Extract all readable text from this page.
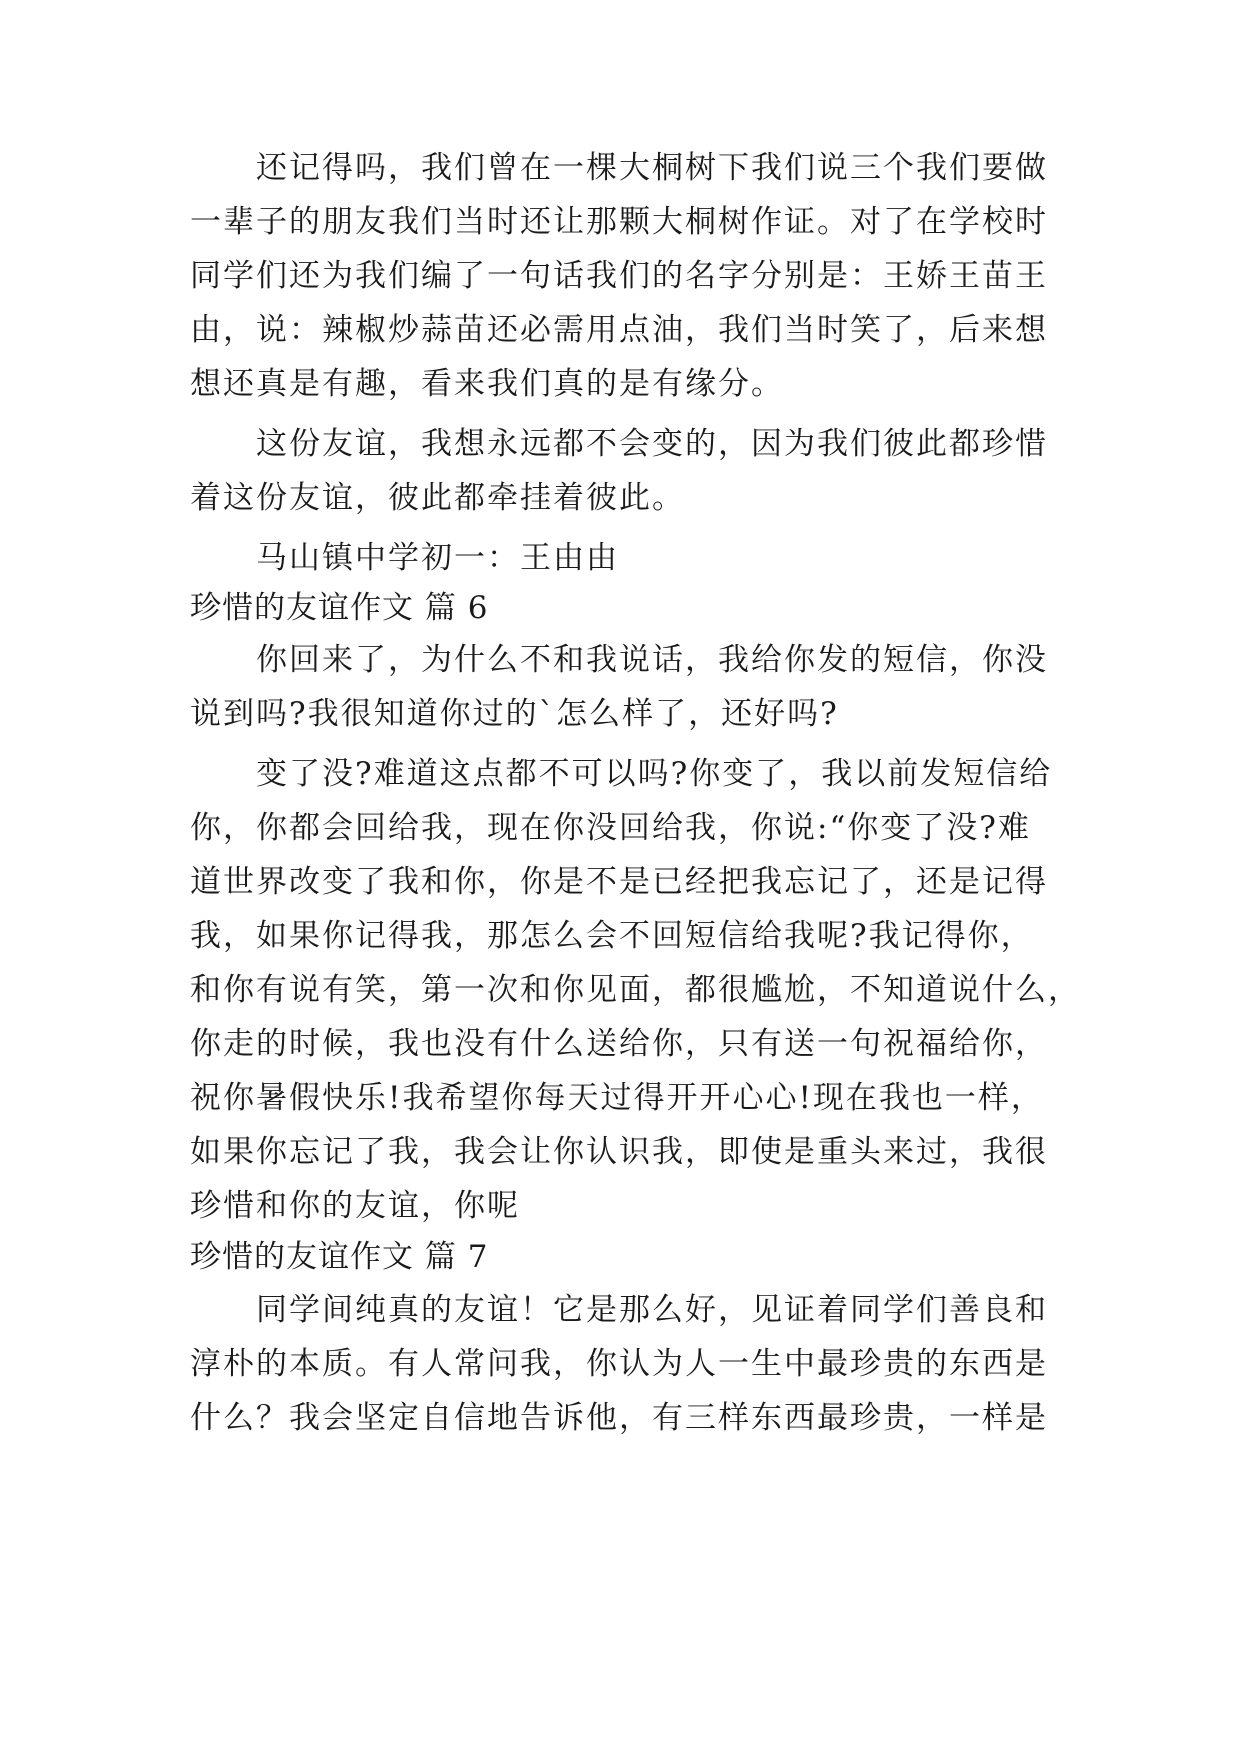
还记得吗，我们曾在一棵大桐树下我们说三个我们要做
一辈子的朋友我们当时还让那颗大桐树作证。对了在学校时
同学们还为我们编了一句话我们的名字分别是：王娇王苗王
由，说：辣椒炒蒜苗还必需用点油，我们当时笑了，后来想
想还真是有趣，看来我们真的是有缘分。
这份友谊，我想永远都不会变的，因为我们彼此都珍惜
着这份友谊，彼此都牵挂着彼此。
马山镇中学初一：王由由
珍惜的友谊作文 篇 6
你回来了，为什么不和我说话，我给你发的短信，你没
说到吗?我很知道你过的`怎么样了，还好吗?
变了没?难道这点都不可以吗?你变了，我以前发短信给
你，你都会回给我，现在你没回给我，你说:“你变了没?难
道世界改变了我和你，你是不是已经把我忘记了，还是记得
我，如果你记得我，那怎么会不回短信给我呢?我记得你，
和你有说有笑，第一次和你见面，都很尴尬，不知道说什么，
你走的时候，我也没有什么送给你，只有送一句祝福给你，
祝你暑假快乐!我希望你每天过得开开心心!现在我也一样，
如果你忘记了我，我会让你认识我，即使是重头来过，我很
珍惜和你的友谊，你呢
珍惜的友谊作文 篇 7
同学间纯真的友谊！它是那么好，见证着同学们善良和
淳朴的本质。有人常问我，你认为人一生中最珍贵的东西是
什么？我会坚定自信地告诉他，有三样东西最珍贵，一样是
